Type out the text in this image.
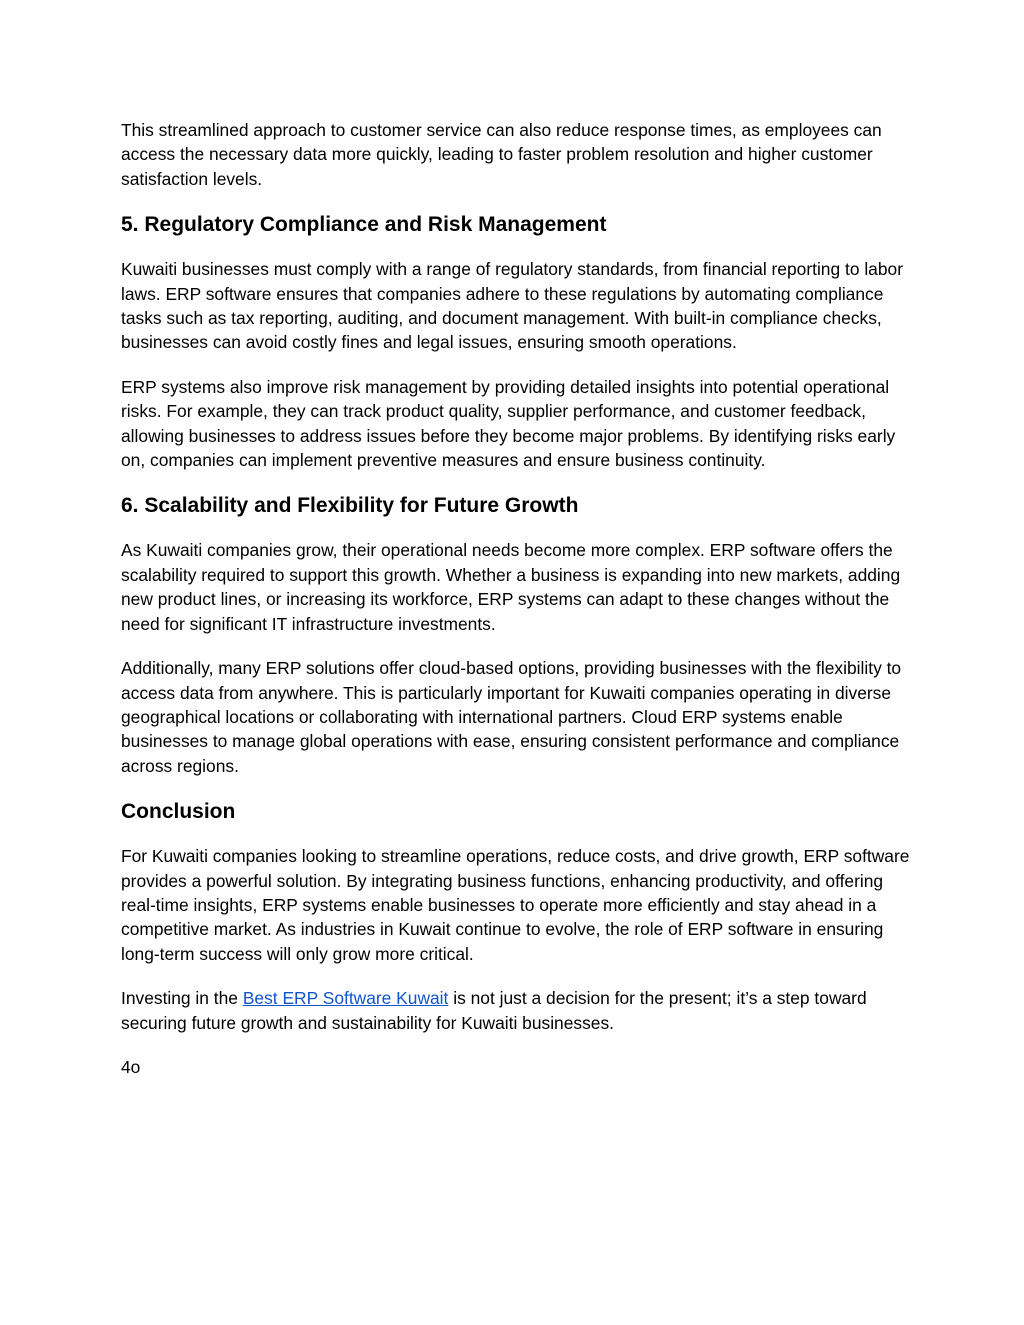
This streamlined approach to customer service can also reduce response times, as employees can access the necessary data more quickly, leading to faster problem resolution and higher customer satisfaction levels.

5. Regulatory Compliance and Risk Management

Kuwaiti businesses must comply with a range of regulatory standards, from financial reporting to labor laws. ERP software ensures that companies adhere to these regulations by automating compliance tasks such as tax reporting, auditing, and document management. With built-in compliance checks, businesses can avoid costly fines and legal issues, ensuring smooth operations.

ERP systems also improve risk management by providing detailed insights into potential operational risks. For example, they can track product quality, supplier performance, and customer feedback, allowing businesses to address issues before they become major problems. By identifying risks early on, companies can implement preventive measures and ensure business continuity.

6. Scalability and Flexibility for Future Growth

As Kuwaiti companies grow, their operational needs become more complex. ERP software offers the scalability required to support this growth. Whether a business is expanding into new markets, adding new product lines, or increasing its workforce, ERP systems can adapt to these changes without the need for significant IT infrastructure investments.

Additionally, many ERP solutions offer cloud-based options, providing businesses with the flexibility to access data from anywhere. This is particularly important for Kuwaiti companies operating in diverse geographical locations or collaborating with international partners. Cloud ERP systems enable businesses to manage global operations with ease, ensuring consistent performance and compliance across regions.

Conclusion

For Kuwaiti companies looking to streamline operations, reduce costs, and drive growth, ERP software provides a powerful solution. By integrating business functions, enhancing productivity, and offering real-time insights, ERP systems enable businesses to operate more efficiently and stay ahead in a competitive market. As industries in Kuwait continue to evolve, the role of ERP software in ensuring long-term success will only grow more critical.

Investing in the Best ERP Software Kuwait is not just a decision for the present; it’s a step toward securing future growth and sustainability for Kuwaiti businesses.

4o
